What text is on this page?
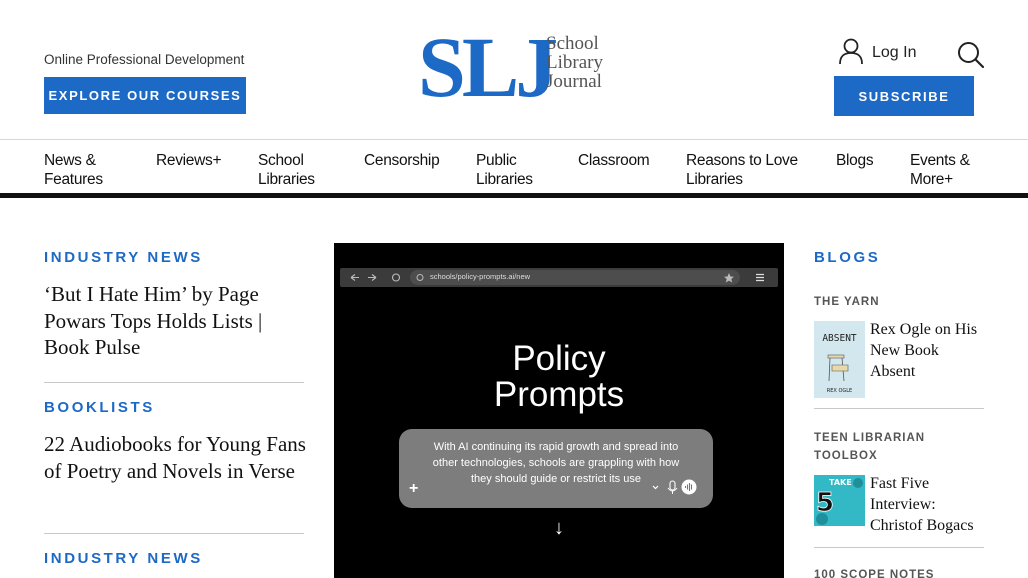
Online Professional Development
EXPLORE OUR COURSES SLJ
School
Library
Journal
Log In
SUBSCRIBE
News &
Features
Reviews+ School
Libraries
Censorship Public
Libraries
Classroom Reasons to Love
Libraries
Blogs Events &
More+
INDUSTRY NEWS
‘But I Hate Him’ by Page Powars Tops Holds Lists | Book Pulse
BOOKLISTS
22 Audiobooks for Young Fans of Poetry and Novels in Verse
INDUSTRY NEWS
schools/policy-prompts.ai/new
Policy
Prompts
With AI continuing its rapid growth and spread into other technologies, schools are grappling with how they should guide or restrict its use
+
↓
BLOGS
THE YARN
ABSENT
REX OGLE
Rex Ogle on His New Book Absent
TEEN LIBRARIAN TOOLBOX
TAKE
5
Fast Five Interview: Christof Bogacs
100 SCOPE NOTES
